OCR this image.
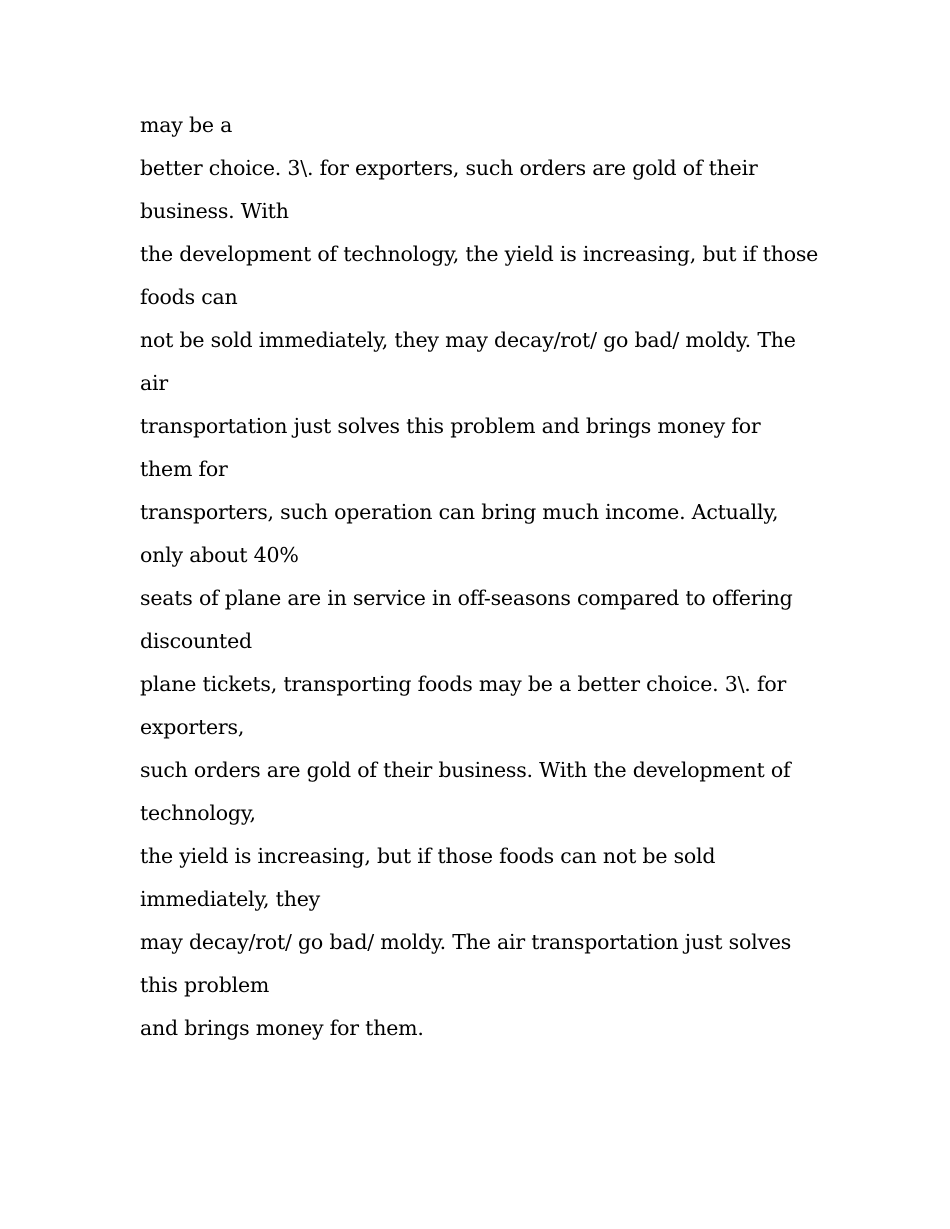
may be a
better choice. 3\. for exporters, such orders are gold of their
business. With
the development of technology, the yield is increasing, but if those
foods can
not be sold immediately, they may decay/rot/ go bad/ moldy. The
air
transportation just solves this problem and brings money for
them for
transporters, such operation can bring much income. Actually,
only about 40%
seats of plane are in service in off-seasons compared to offering
discounted
plane tickets, transporting foods may be a better choice. 3\. for
exporters,
such orders are gold of their business. With the development of
technology,
the yield is increasing, but if those foods can not be sold
immediately, they
may decay/rot/ go bad/ moldy. The air transportation just solves
this problem
and brings money for them.
